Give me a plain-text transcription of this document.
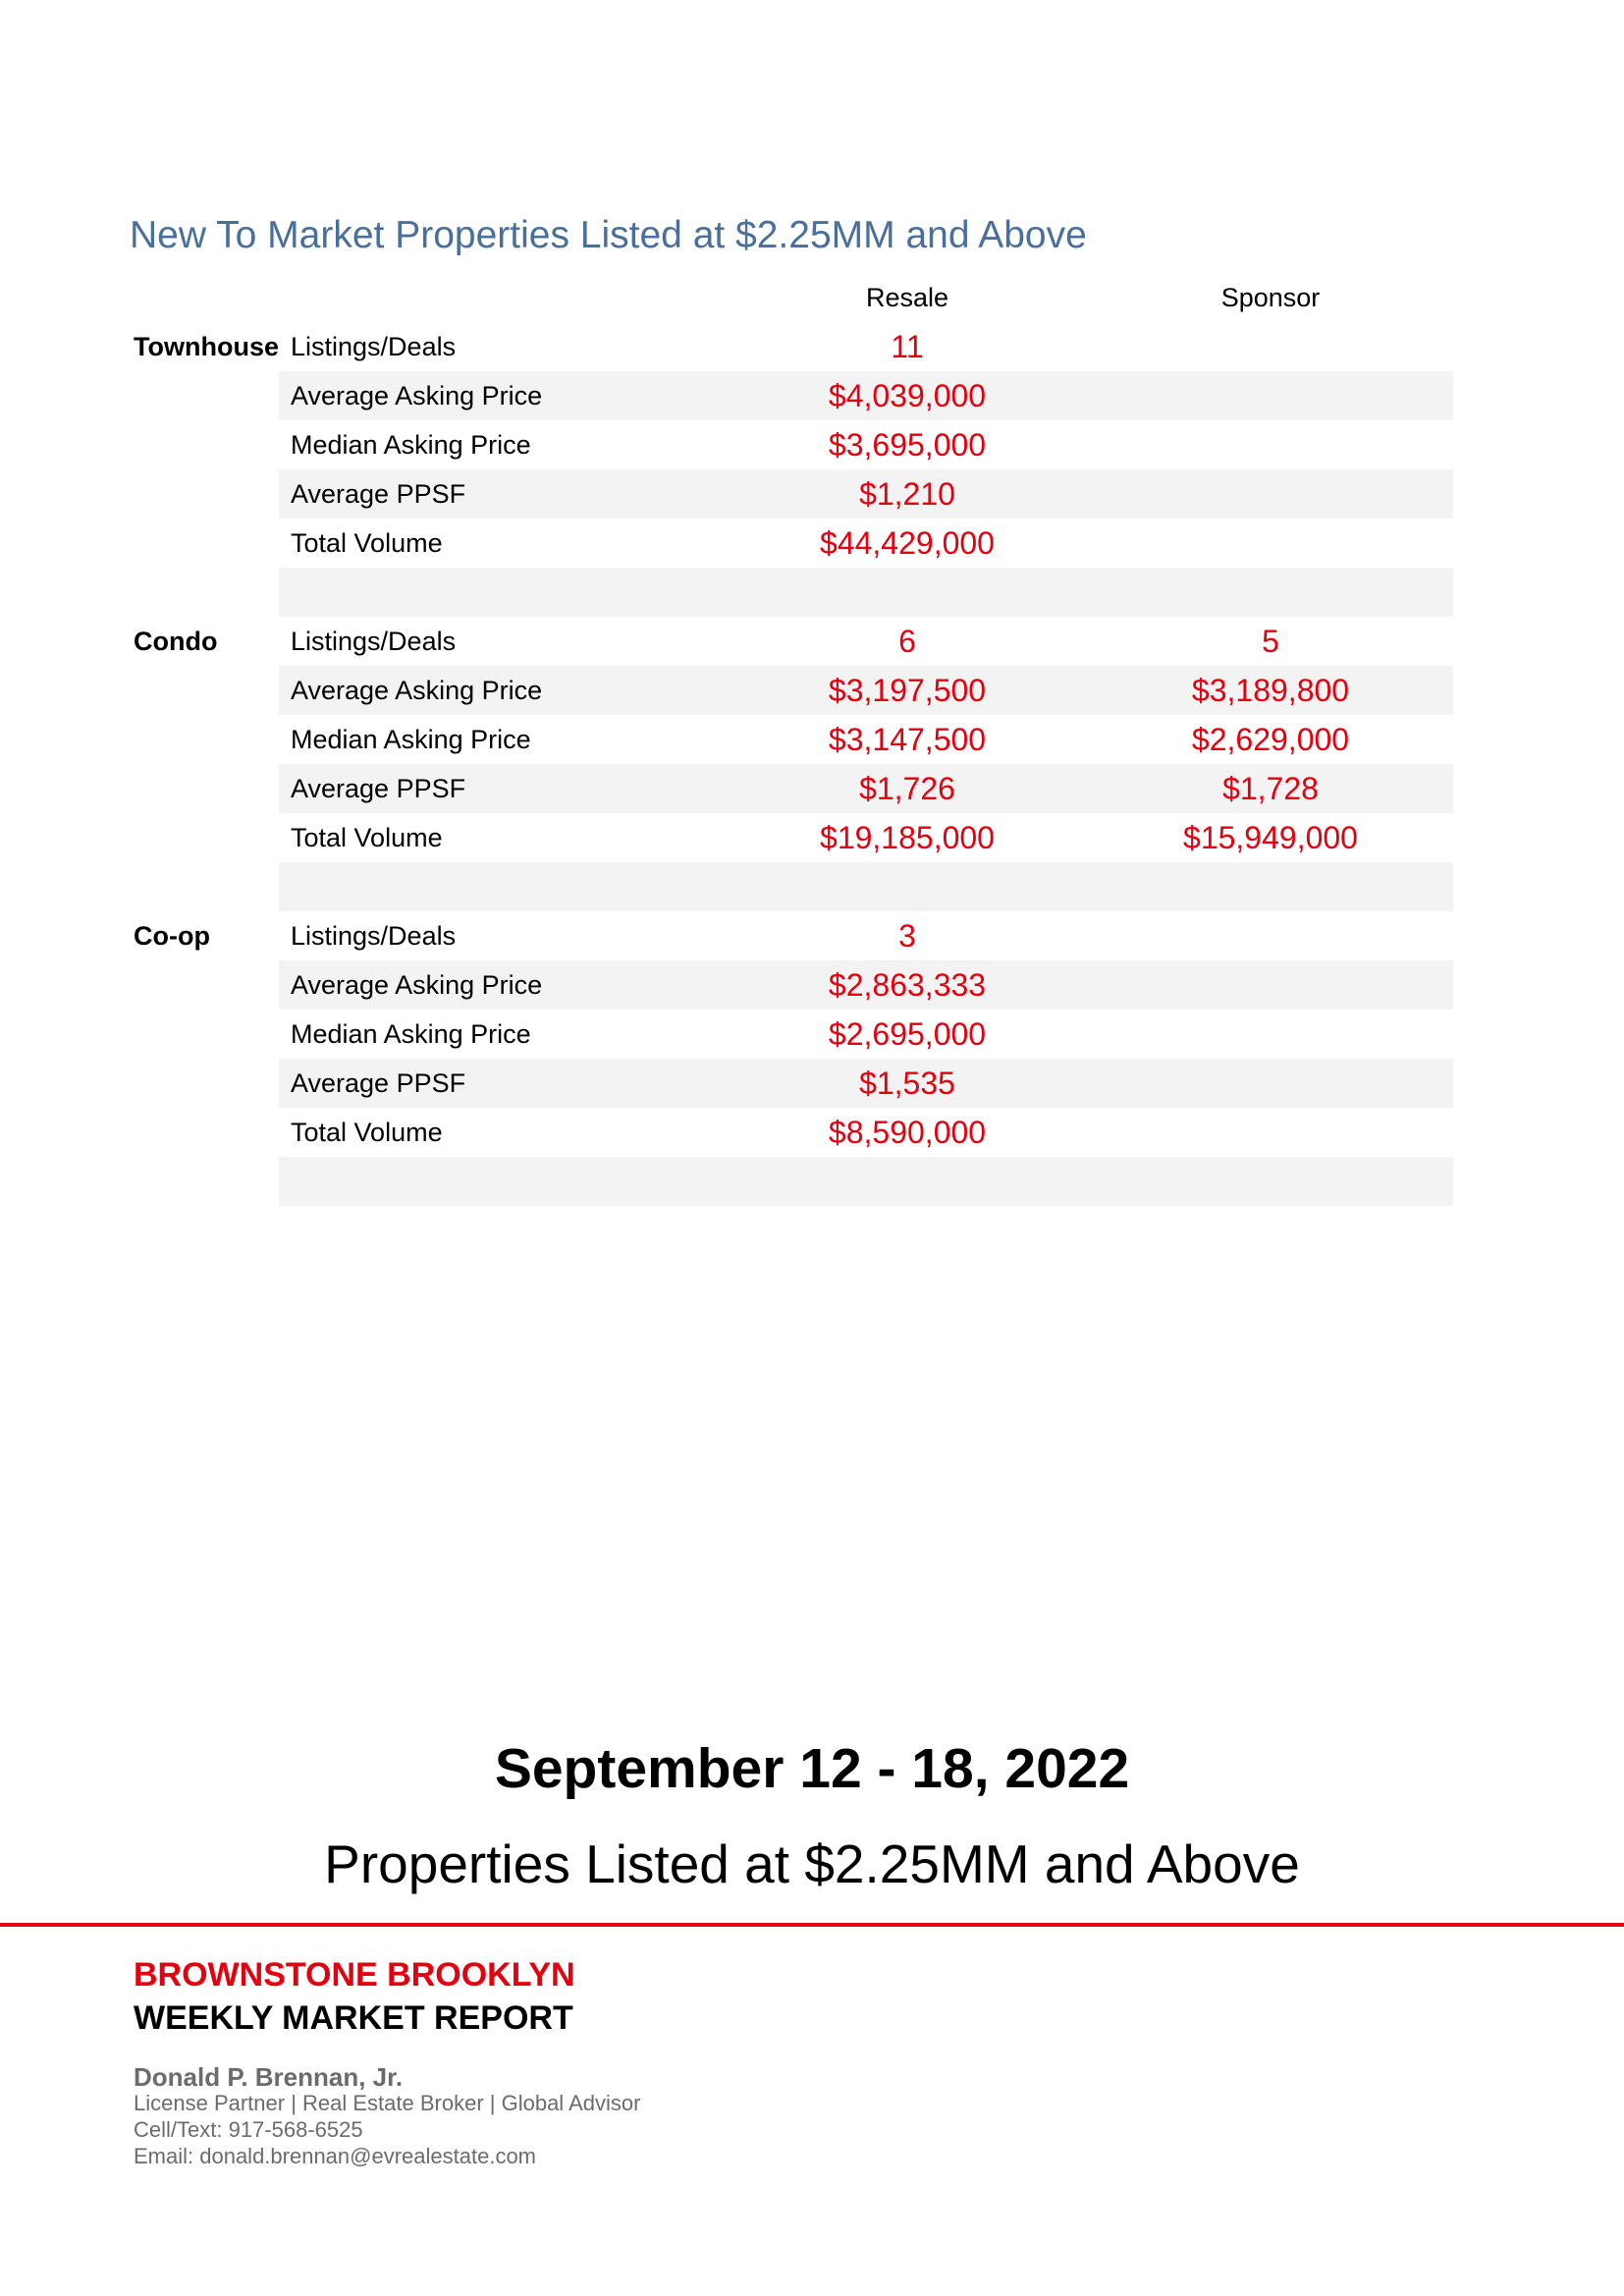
New To Market Properties Listed at $2.25MM and Above
Resale	Sponsor
Townhouse Listings/Deals	11
Average Asking Price	$4,039,000
Median Asking Price	$3,695,000
Average PPSF	$1,210
Total Volume	$44,429,000
Condo	Listings/Deals	6	5
Average Asking Price	$3,197,500	$3,189,800
Median Asking Price	$3,147,500	$2,629,000
Average PPSF	$1,726	$1,728
Total Volume	$19,185,000	$15,949,000
Co-op	Listings/Deals	3
Average Asking Price	$2,863,333
Median Asking Price	$2,695,000
Average PPSF	$1,535
Total Volume	$8,590,000
September 12 - 18, 2022
Properties Listed at $2.25MM and Above
BROWNSTONE BROOKLYN
WEEKLY MARKET REPORT
Donald P. Brennan, Jr.
License Partner | Real Estate Broker | Global Advisor
Cell/Text: 917-568-6525
Email: donald.brennan@evrealestate.com
